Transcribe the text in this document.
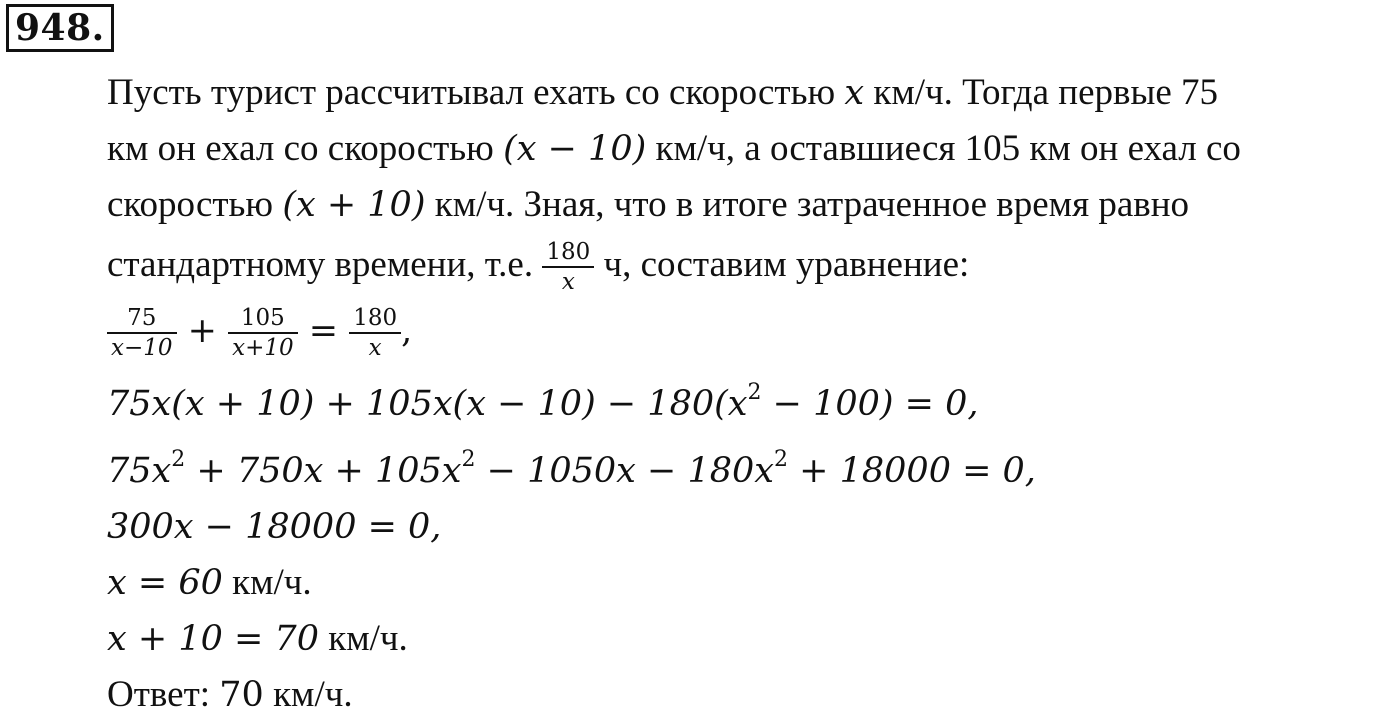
948.
Пусть турист рассчитывал ехать со скоростью x км/ч. Тогда первые 75
км он ехал со скоростью (x − 10) км/ч, а оставшиеся 105 км он ехал со
скоростью (x + 10) км/ч. Зная, что в итоге затраченное время равно
стандартному времени, т.е. $\frac{180}{x} ч$, составим уравнение:
$\frac{75}{x-10} + \frac{105}{x+10} = \frac{180}{x}$ ,
$75x(x + 10) + 105x(x - 10) - 180(x^2 - 100) = 0$,
$75x^2 + 750x + 105x^2 - 1050x - 180x^2 + 18000 = 0$,
300x − 18000 = 0,
x = 60 км/ч.
x + 10 = 70 км/ч.
Ответ: 70 км/ч.
